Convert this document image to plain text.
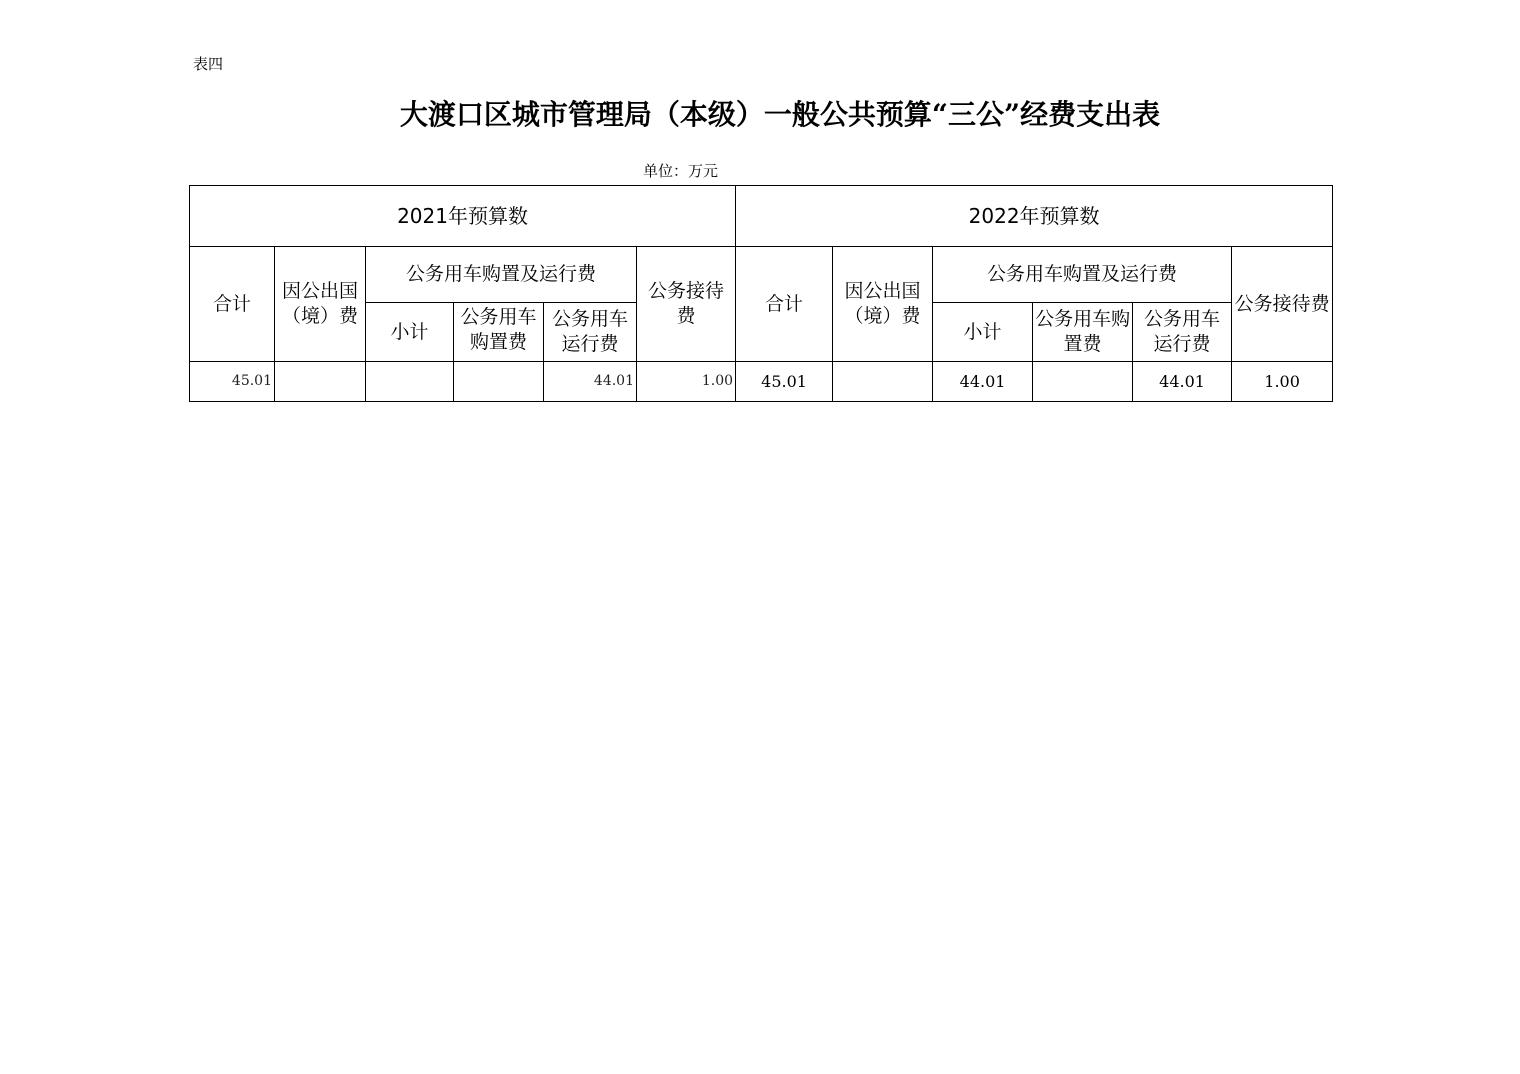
表四
大渡口区城市管理局（本级）一般公共预算“三公”经费支出表
单位：万元
2021年预算数						2022年预算数					
合计	因公出国（境）费	公务用车购置及运行费			公务接待费	合计	因公出国（境）费	公务用车购置及运行费			公务接待费
		小计	公务用车购置费	公务用车运行费				小计	公务用车购置费	公务用车运行费	
45.01				44.01	1.00	45.01		44.01		44.01	1.00
